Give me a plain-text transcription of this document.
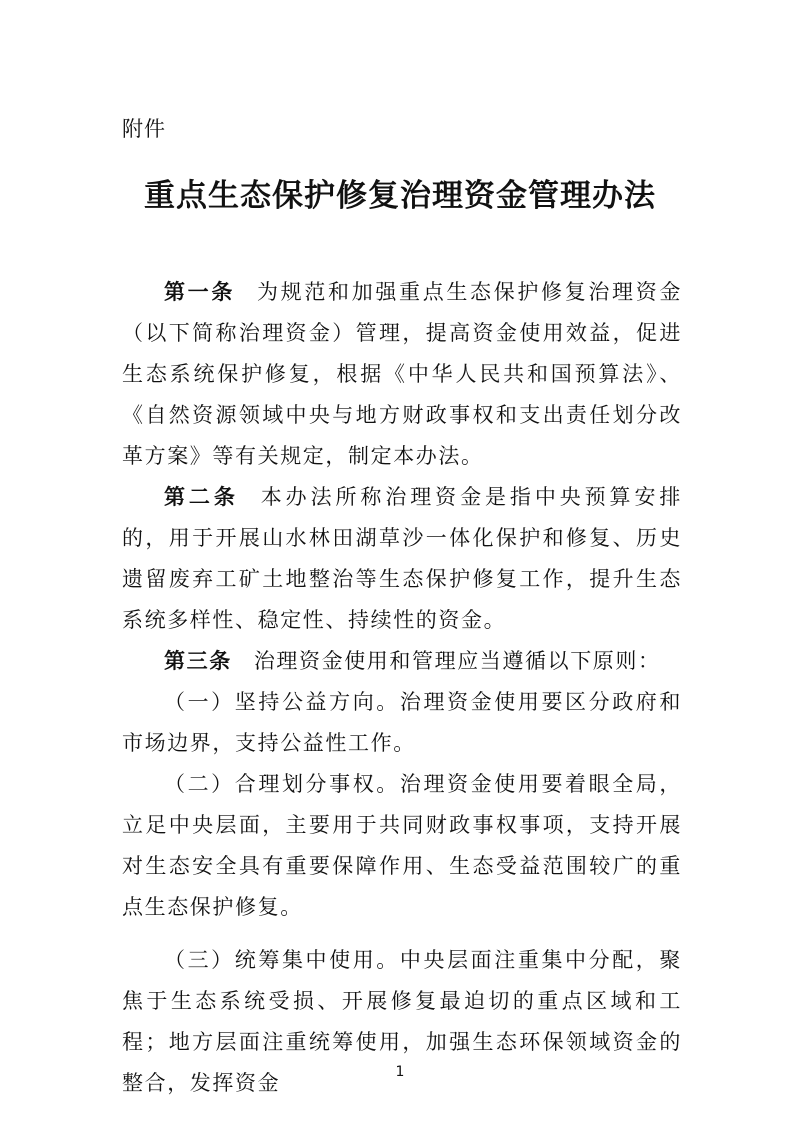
附件
重点生态保护修复治理资金管理办法

第一条 为规范和加强重点生态保护修复治理资金（以下简称治理资金）管理，提高资金使用效益，促进生态系统保护修复，根据《中华人民共和国预算法》、《自然资源领域中央与地方财政事权和支出责任划分改革方案》等有关规定，制定本办法。

第二条 本办法所称治理资金是指中央预算安排的，用于开展山水林田湖草沙一体化保护和修复、历史遗留废弃工矿土地整治等生态保护修复工作，提升生态系统多样性、稳定性、持续性的资金。

第三条 治理资金使用和管理应当遵循以下原则：

（一）坚持公益方向。治理资金使用要区分政府和市场边界，支持公益性工作。

（二）合理划分事权。治理资金使用要着眼全局，立足中央层面，主要用于共同财政事权事项，支持开展对生态安全具有重要保障作用、生态受益范围较广的重点生态保护修复。

（三）统筹集中使用。中央层面注重集中分配，聚焦于生态系统受损、开展修复最迫切的重点区域和工程；地方层面注重统筹使用，加强生态环保领域资金的整合，发挥资金	1
